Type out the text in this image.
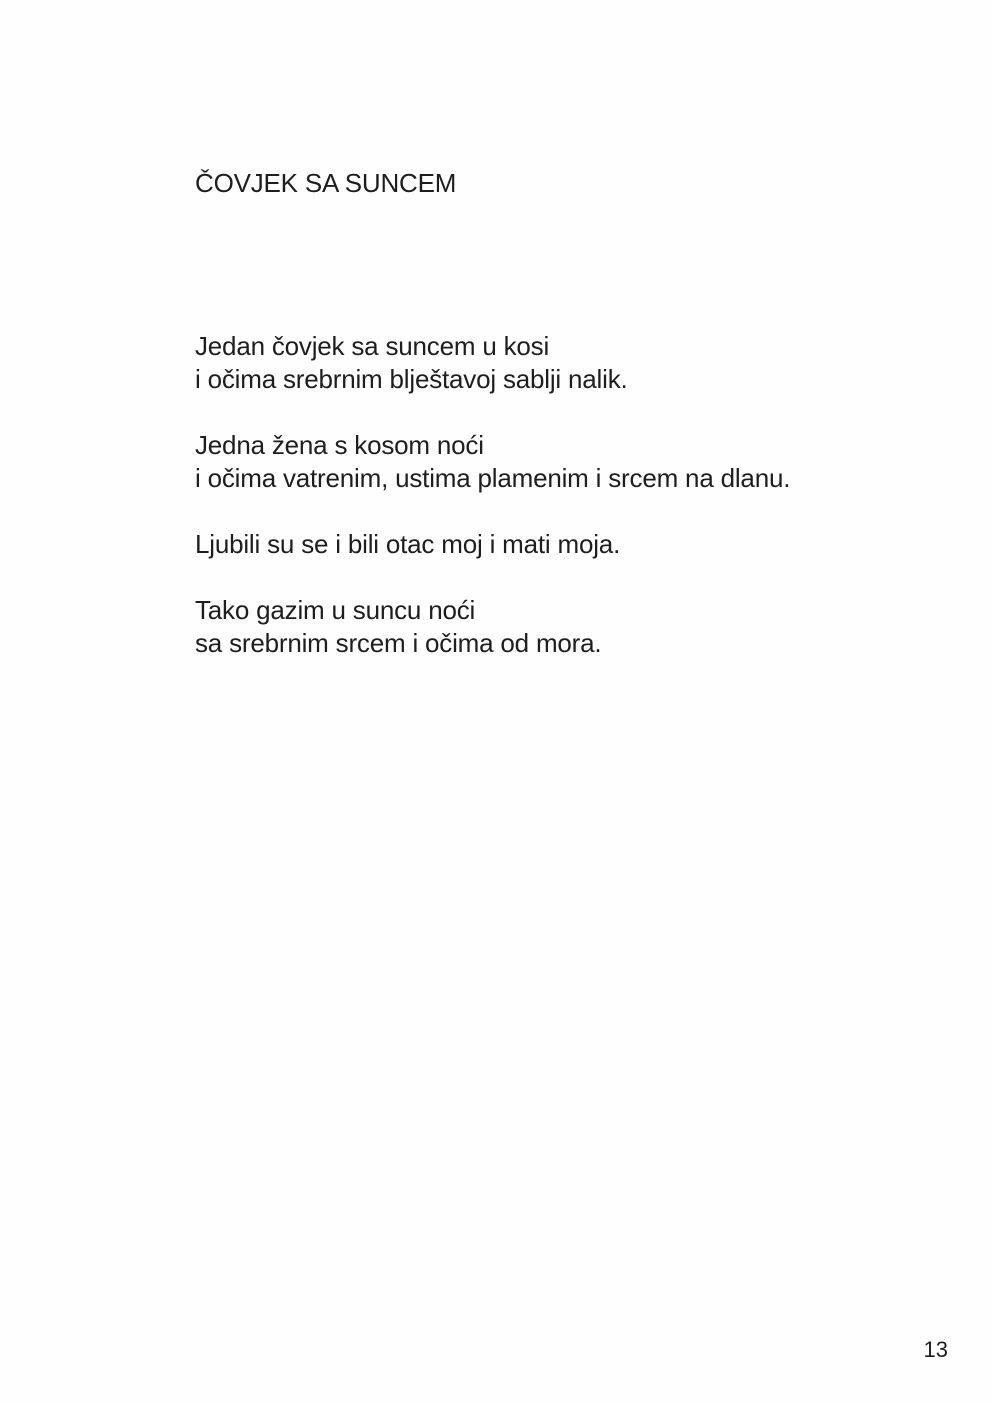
ČOVJEK SA SUNCEM

Jedan čovjek sa suncem u kosi
i očima srebrnim blještavoj sablji nalik.

Jedna žena s kosom noći
i očima vatrenim, ustima plamenim i srcem na dlanu.

Ljubili su se i bili otac moj i mati moja.

Tako gazim u suncu noći
sa srebrnim srcem i očima od mora.

13
